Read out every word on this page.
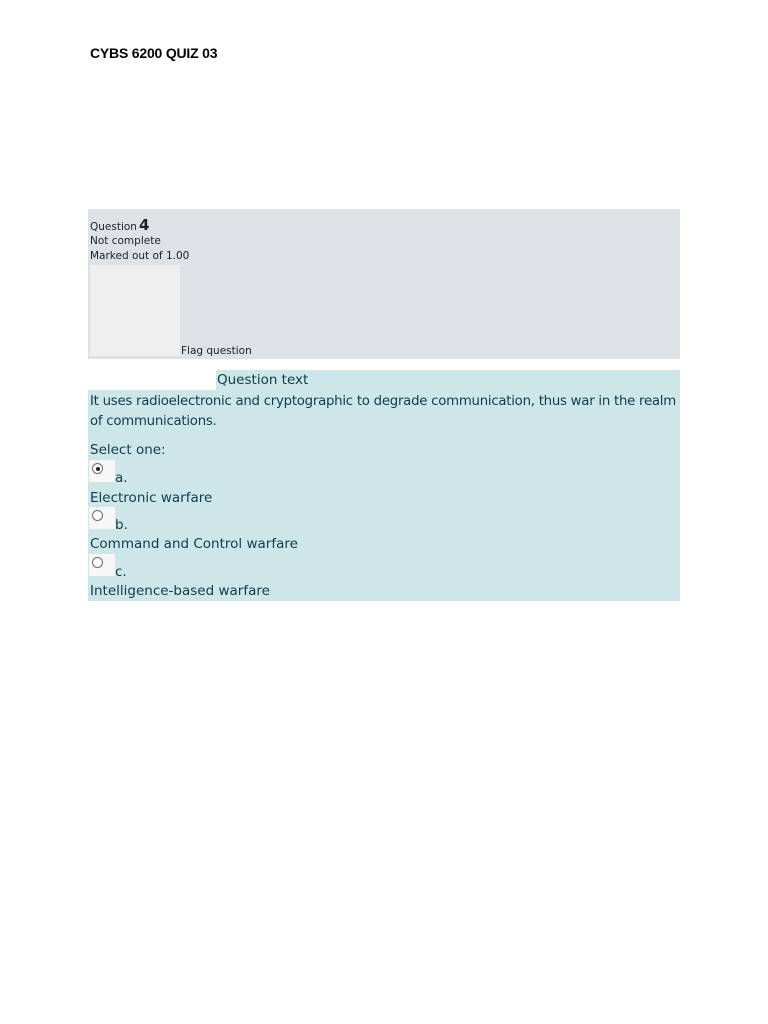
CYBS 6200 QUIZ 03
Question 4
Not complete
Marked out of 1.00
Flag question
Question text
It uses radioelectronic and cryptographic to degrade communication, thus war in the realm of communications.
Select one:
a.
Electronic warfare
b.
Command and Control warfare
c.
Intelligence-based warfare
